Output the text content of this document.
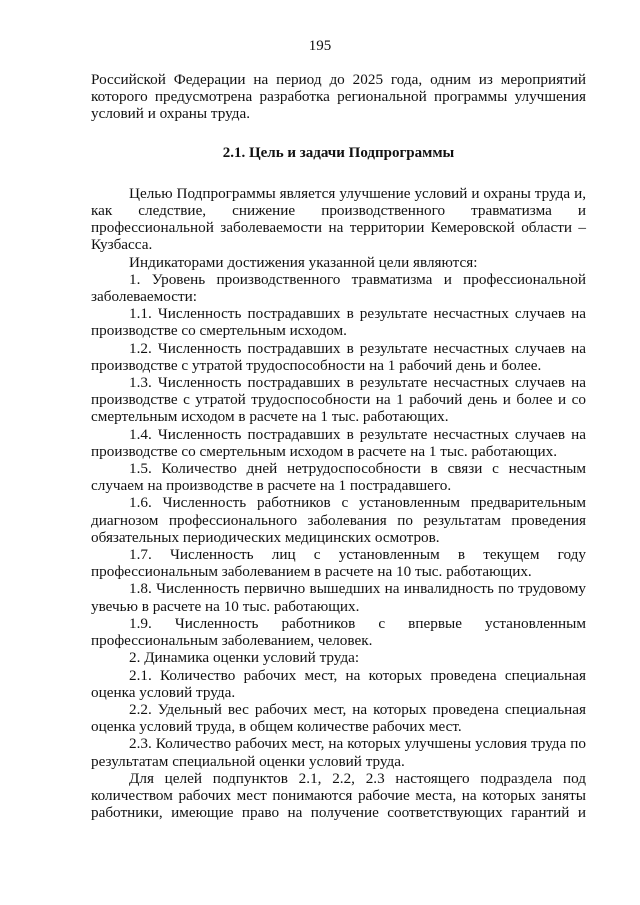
195

Российской Федерации на период до 2025 года, одним из мероприятий которого предусмотрена разработка региональной программы улучшения условий и охраны труда.

2.1. Цель и задачи Подпрограммы

Целью Подпрограммы является улучшение условий и охраны труда и, как следствие, снижение производственного травматизма и профессиональной заболеваемости на территории Кемеровской области – Кузбасса.

Индикаторами достижения указанной цели являются:

1. Уровень производственного травматизма и профессиональной заболеваемости:

1.1. Численность пострадавших в результате несчастных случаев на производстве со смертельным исходом.

1.2. Численность пострадавших в результате несчастных случаев на производстве с утратой трудоспособности на 1 рабочий день и более.

1.3. Численность пострадавших в результате несчастных случаев на производстве с утратой трудоспособности на 1 рабочий день и более и со смертельным исходом в расчете на 1 тыс. работающих.

1.4. Численность пострадавших в результате несчастных случаев на производстве со смертельным исходом в расчете на 1 тыс. работающих.

1.5. Количество дней нетрудоспособности в связи с несчастным случаем на производстве в расчете на 1 пострадавшего.

1.6. Численность работников с установленным предварительным диагнозом профессионального заболевания по результатам проведения обязательных периодических медицинских осмотров.

1.7. Численность лиц с установленным в текущем году профессиональным заболеванием в расчете на 10 тыс. работающих.

1.8. Численность первично вышедших на инвалидность по трудовому увечью в расчете на 10 тыс. работающих.

1.9. Численность работников с впервые установленным профессиональным заболеванием, человек.

2. Динамика оценки условий труда:

2.1. Количество рабочих мест, на которых проведена специальная оценка условий труда.

2.2. Удельный вес рабочих мест, на которых проведена специальная оценка условий труда, в общем количестве рабочих мест.

2.3. Количество рабочих мест, на которых улучшены условия труда по результатам специальной оценки условий труда.

Для целей подпунктов 2.1, 2.2, 2.3 настоящего подраздела под количеством рабочих мест понимаются рабочие места, на которых заняты работники, имеющие право на получение соответствующих гарантий и
